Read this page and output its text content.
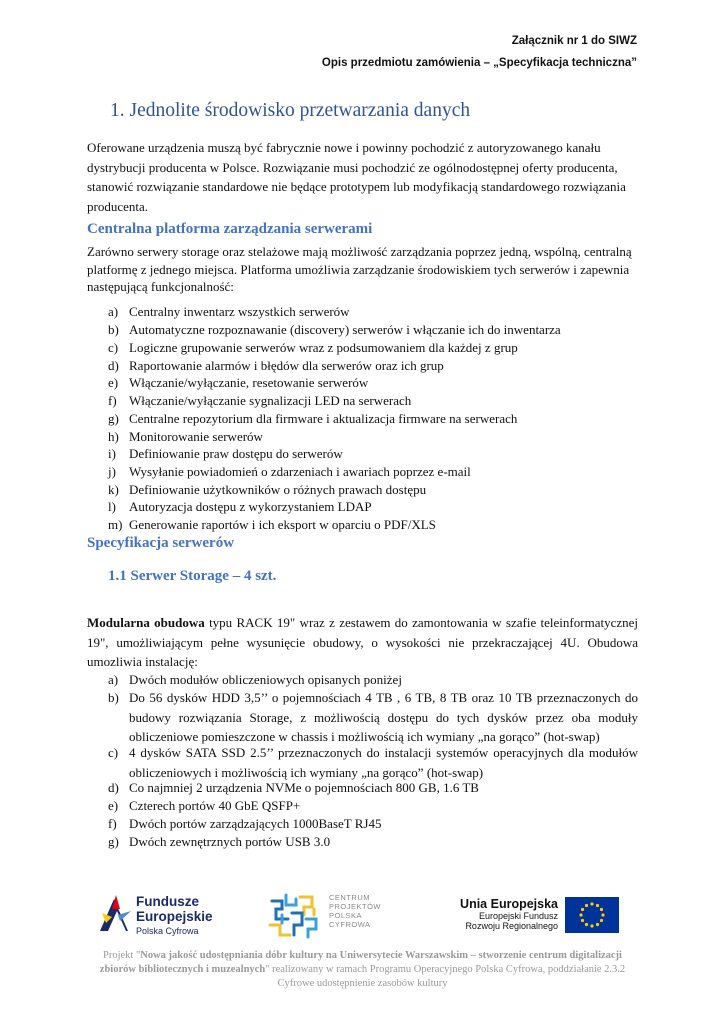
Załącznik nr 1 do SIWZ
Opis przedmiotu zamówienia – „Specyfikacja techniczna”
1. Jednolite środowisko przetwarzania danych
Oferowane urządzenia muszą być fabrycznie nowe i powinny pochodzić z autoryzowanego kanału dystrybucji producenta w Polsce. Rozwiązanie musi pochodzić ze ogólnodostępnej oferty producenta, stanowić rozwiązanie standardowe nie będące prototypem lub modyfikacją standardowego rozwiązania producenta.
Centralna platforma zarządzania serwerami
Zarówno serwery storage oraz stelażowe mają możliwość zarządzania poprzez jedną, wspólną, centralną platformę z jednego miejsca. Platforma umożliwia zarządzanie środowiskiem tych serwerów i zapewnia następującą funkcjonalność:
a) Centralny inwentarz wszystkich serwerów
b) Automatyczne rozpoznawanie (discovery) serwerów i włączanie ich do inwentarza
c) Logiczne grupowanie serwerów wraz z podsumowaniem dla każdej z grup
d) Raportowanie alarmów i błędów dla serwerów oraz ich grup
e) Włączanie/wyłączanie, resetowanie serwerów
f) Włączanie/wyłączanie sygnalizacji LED na serwerach
g) Centralne repozytorium dla firmware i aktualizacja firmware na serwerach
h) Monitorowanie serwerów
i) Definiowanie praw dostępu do serwerów
j) Wysyłanie powiadomień o zdarzeniach i awariach poprzez e-mail
k) Definiowanie użytkowników o różnych prawach dostępu
l) Autoryzacja dostępu z wykorzystaniem LDAP
m) Generowanie raportów i ich eksport w oparciu o PDF/XLS
Specyfikacja serwerów
1.1 Serwer Storage – 4 szt.
Modularna obudowa typu RACK 19" wraz z zestawem do zamontowania w szafie teleinformatycznej 19", umożliwiającym pełne wysunięcie obudowy, o wysokości nie przekraczającej 4U. Obudowa umozliwia instalację:
a) Dwóch modułów obliczeniowych opisanych poniżej
b) Do 56 dysków HDD 3,5’’ o pojemnościach 4 TB , 6 TB, 8 TB oraz 10 TB przeznaczonych do budowy rozwiązania Storage, z możliwością dostępu do tych dysków przez oba moduły obliczeniowe pomieszczone w chassis i możliwością ich wymiany „na gorąco” (hot-swap)
c) 4 dysków SATA SSD 2.5’’ przeznaczonych do instalacji systemów operacyjnych dla modułów obliczeniowych i możliwością ich wymiany „na gorąco” (hot-swap)
d) Co najmniej 2 urządzenia NVMe o pojemnościach 800 GB, 1.6 TB
e) Czterech portów 40 GbE QSFP+
f) Dwóch portów zarządzających 1000BaseT RJ45
g) Dwóch zewnętrznych portów USB 3.0
Fundusze
Europejskie
Polska Cyfrowa
CENTRUM
PROJEKTÓW
POLSKA
CYFROWA
Unia Europejska
Europejski Fundusz
Rozwoju Regionalnego
Projekt "Nowa jakość udostępniania dóbr kultury na Uniwersytecie Warszawskim – stworzenie centrum digitalizacji zbiorów bibliotecznych i muzealnych" realizowany w ramach Programu Operacyjnego Polska Cyfrowa, poddziałanie 2.3.2 Cyfrowe udostępnienie zasobów kultury
